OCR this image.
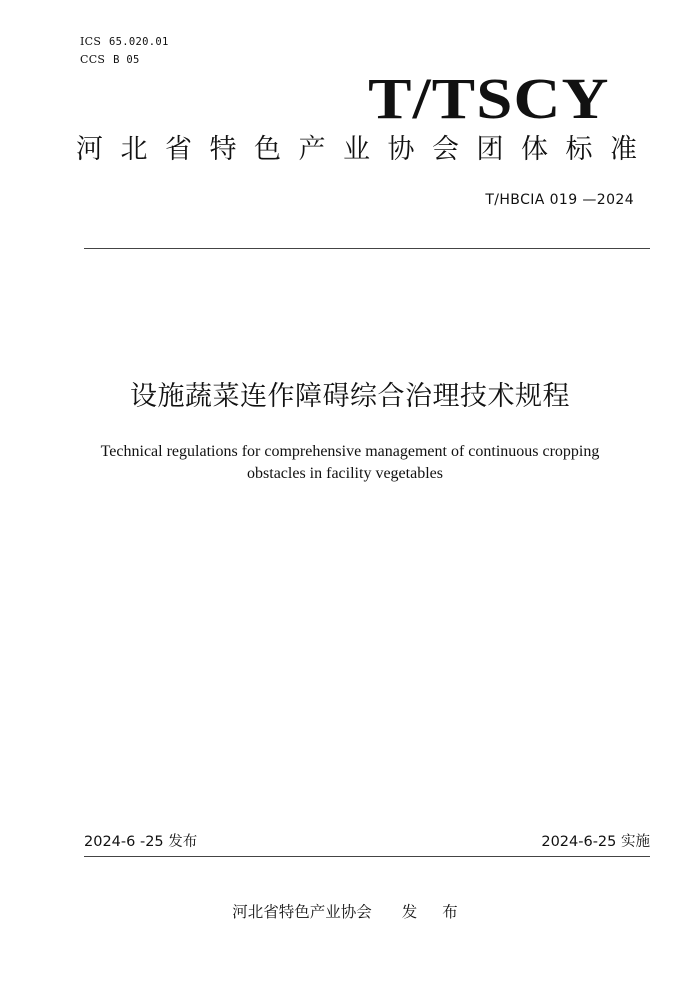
ICS 65.020.01
CCS B 05
T/TSCY
河北省特色产业协会团体标准
T/HBCIA 019 —2024
设施蔬菜连作障碍综合治理技术规程
Technical regulations for comprehensive management of continuous cropping
obstacles in facility vegetables
2024-6 -25 发布	2024-6-25 实施
河北省特色产业协会 发 布
